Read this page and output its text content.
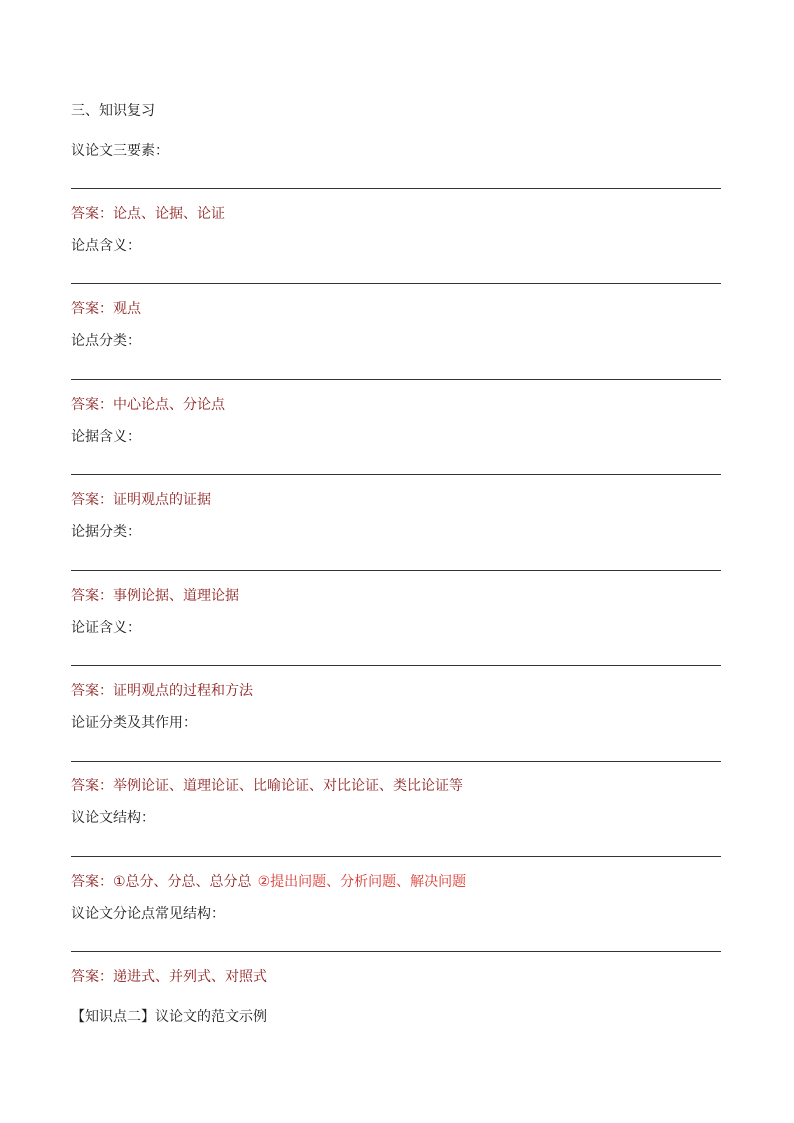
三、知识复习
议论文三要素：
答案：论点、论据、论证
论点含义：
答案：观点
论点分类：
答案：中心论点、分论点
论据含义：
答案：证明观点的证据
论据分类：
答案：事例论据、道理论据
论证含义：
答案：证明观点的过程和方法
论证分类及其作用：
答案：举例论证、道理论证、比喻论证、对比论证、类比论证等
议论文结构：
答案：①总分、分总、总分总 ②提出问题、分析问题、解决问题
议论文分论点常见结构：
答案：递进式、并列式、对照式
【知识点二】议论文的范文示例
